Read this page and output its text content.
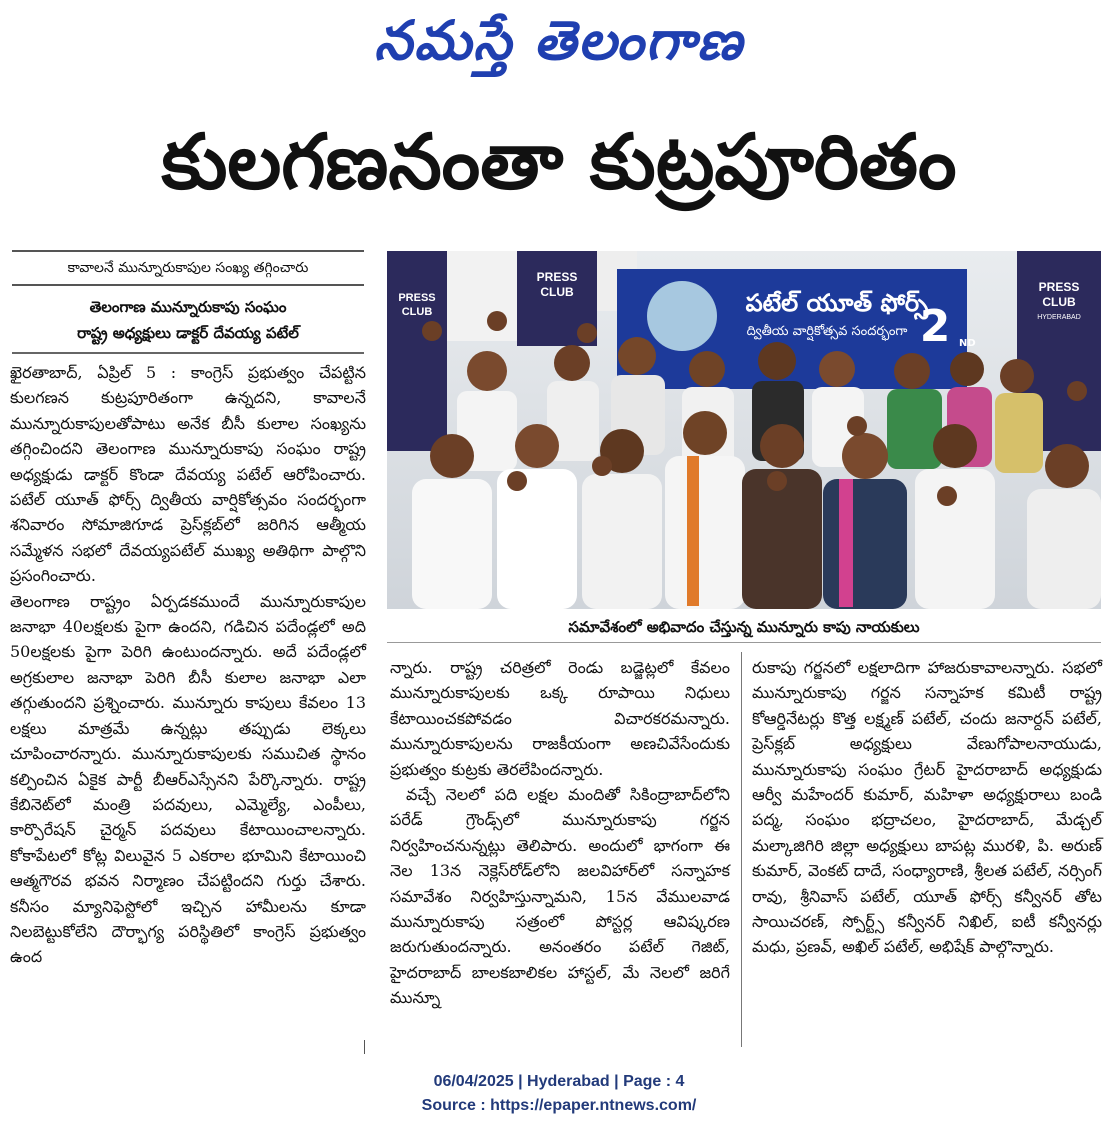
నమస్తే తెలంగాణ
కులగణనంతా కుట్రపూరితం
కావాలనే మున్నూరుకాపుల సంఖ్య తగ్గించారు
తెలంగాణ మున్నూరుకాపు సంఘం
రాష్ట్ర అధ్యక్షులు డాక్టర్ దేవయ్య పటేల్

ఖైరతాబాద్, ఏప్రిల్ 5 : కాంగ్రెస్ ప్రభుత్వం చేపట్టిన కులగణన కుట్రపూరితంగా ఉన్నదని, కావాలనే మున్నూరుకాపులతోపాటు అనేక బీసీ కులాల సంఖ్యను తగ్గించిందని తెలంగాణ మున్నూరుకాపు సంఘం రాష్ట్ర అధ్యక్షుడు డాక్టర్ కొండా దేవయ్య పటేల్ ఆరోపించారు. పటేల్ యూత్ ఫోర్స్ ద్వితీయ వార్షికోత్సవం సందర్భంగా శనివారం సోమాజిగూడ ప్రెస్‌క్లబ్‌లో జరిగిన ఆత్మీయ సమ్మేళన సభలో దేవయ్యపటేల్ ముఖ్య అతిథిగా పాల్గొని ప్రసంగించారు.

తెలంగాణ రాష్ట్రం ఏర్పడకముందే మున్నూరుకాపుల జనాభా 40లక్షలకు పైగా ఉందని, గడిచిన పదేండ్లలో అది 50లక్షలకు పైగా పెరిగి ఉంటుందన్నారు. అదే పదేండ్లలో అగ్రకులాల జనాభా పెరిగి బీసీ కులాల జనాభా ఎలా తగ్గుతుందని ప్రశ్నించారు. మున్నూరు కాపులు కేవలం 13 లక్షలు మాత్రమే ఉన్నట్లు తప్పుడు లెక్కలు చూపించారన్నారు. మున్నూరుకాపులకు సముచిత స్థానం కల్పించిన ఏకైక పార్టీ బీఆర్‌ఎస్సేనని పేర్కొన్నారు. రాష్ట్ర కేబినెట్‌లో మంత్రి పదవులు, ఎమ్మెల్యే, ఎంపీలు, కార్పొరేషన్ చైర్మన్ పదవులు కేటాయించాలన్నారు. కోకాపేటలో కోట్ల విలువైన 5 ఎకరాల భూమిని కేటాయించి ఆత్మగౌరవ భవన నిర్మాణం చేపట్టిందని గుర్తు చేశారు. కనీసం మ్యానిఫెస్టోలో ఇచ్చిన హామీలను కూడా నిలబెట్టుకోలేని దౌర్భాగ్య పరిస్థితిలో కాంగ్రెస్ ప్రభుత్వం ఉంద

PRESS
CLUB
PRESS
CLUB	PRESS
CLUB
HYDERABAD
పటేల్ యూత్ ఫోర్స్
ద్వితీయ వార్షికోత్సవ సందర్భంగా 2 ND
సమావేశంలో అభివాదం చేస్తున్న మున్నూరు కాపు నాయకులు

న్నారు. రాష్ట్ర చరిత్రలో రెండు బడ్జెట్లలో కేవలం మున్నూరుకాపులకు ఒక్క రూపాయి నిధులు కేటాయించకపోవడం విచారకరమన్నారు. మున్నూరుకాపులను రాజకీయంగా అణచివేసేందుకు ప్రభుత్వం కుట్రకు తెరలేపిందన్నారు.

వచ్చే నెలలో పది లక్షల మందితో సికింద్రాబాద్‌లోని పరేడ్ గ్రౌండ్స్‌లో మున్నూరుకాపు గర్జన నిర్వహించనున్నట్లు తెలిపారు. అందులో భాగంగా ఈ నెల 13న నెక్లెస్‌రోడ్‌లోని జలవిహార్‌లో సన్నాహక సమావేశం నిర్వహిస్తున్నామని, 15న వేములవాడ మున్నూరుకాపు సత్రంలో పోస్టర్ల ఆవిష్కరణ జరుగుతుందన్నారు. అనంతరం పటేల్ గెజిట్, హైదరాబాద్ బాలకబాలికల హాస్టల్, మే నెలలో జరిగే మున్నూ

రుకాపు గర్జనలో లక్షలాదిగా హాజరుకావాలన్నారు. సభలో మున్నూరుకాపు గర్జన సన్నాహక కమిటీ రాష్ట్ర కోఆర్డినేటర్లు కొత్త లక్ష్మణ్ పటేల్, చందు జనార్దన్ పటేల్, ప్రెస్‌క్లబ్ అధ్యక్షులు వేణుగోపాలనాయుడు, మున్నూరుకాపు సంఘం గ్రేటర్ హైదరాబాద్ అధ్యక్షుడు ఆర్వీ మహేందర్ కుమార్, మహిళా అధ్యక్షురాలు బండి పద్మ, సంఘం భద్రాచలం, హైదరాబాద్, మేడ్చల్ మల్కాజిగిరి జిల్లా అధ్యక్షులు బాపట్ల మురళి, పి. అరుణ్ కుమార్, వెంకట్ దాదే, సంధ్యారాణి, శ్రీలత పటేల్, నర్సింగ్ రావు, శ్రీనివాస్ పటేల్, యూత్ ఫోర్స్ కన్వీనర్ తోట సాయిచరణ్, స్పోర్ట్స్ కన్వీనర్ నిఖిల్, ఐటీ కన్వీనర్లు మధు, ప్రణవ్, అఖిల్ పటేల్, అభిషేక్ పాల్గొన్నారు.

06/04/2025 | Hyderabad | Page : 4
Source : https://epaper.ntnews.com/
